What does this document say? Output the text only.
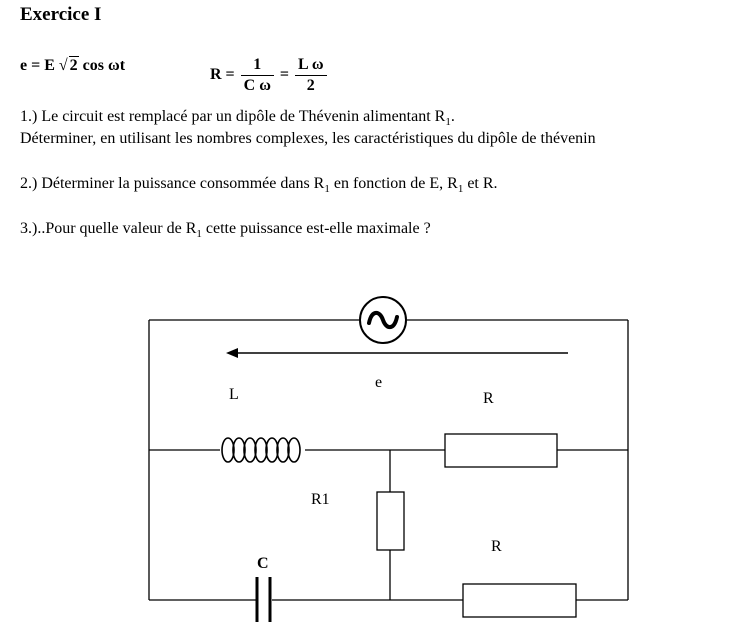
Exercice I
e = E √ 2 cos ωt
$R = \frac{1}{\text{C ω}} = \frac{\text{L ω}}{2}$
1.) Le circuit est remplacé par un dipôle de Thévenin alimentant $R_1$.
Déterminer, en utilisant les nombres complexes, les caractéristiques du dipôle de thévenin
2.) Déterminer la puissance consommée dans $R_1$ en fonction de E, $R_1$ et R.
3.)..Pour quelle valeur de $R_1$ cette puissance est-elle maximale ?
L
e
R
R1
R
C
